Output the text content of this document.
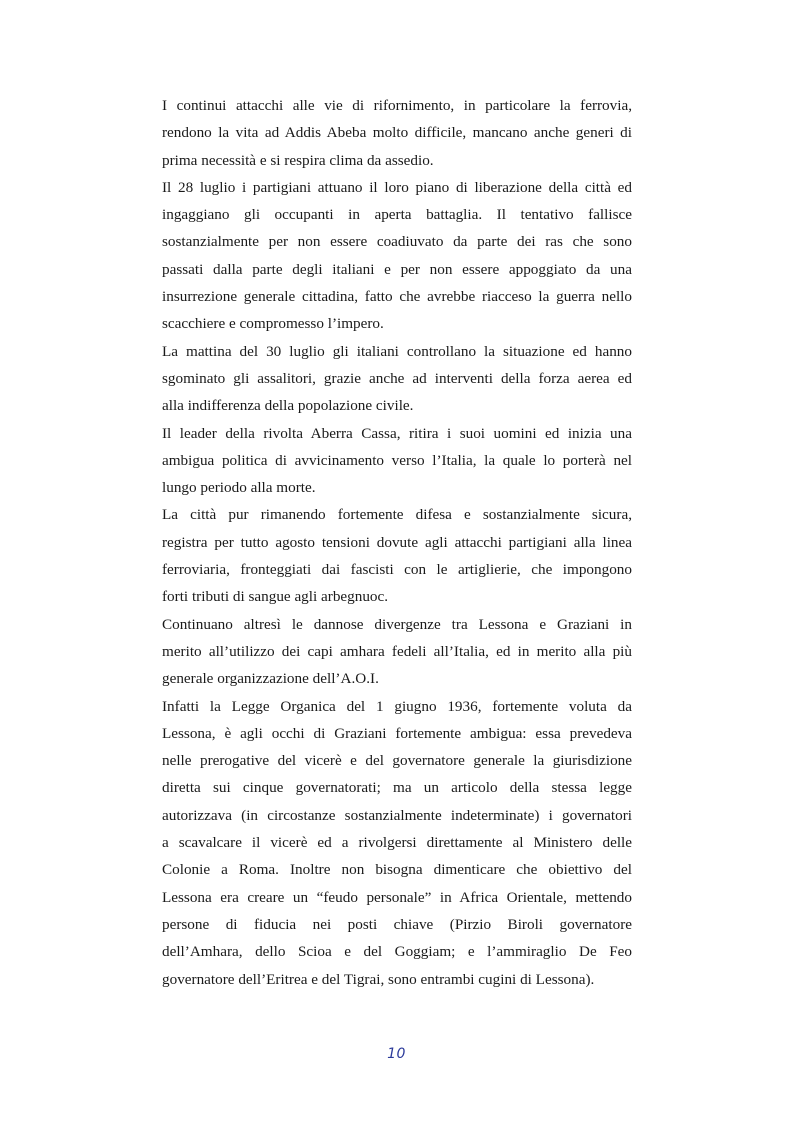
I continui attacchi alle vie di rifornimento, in particolare la ferrovia,
rendono la vita ad Addis Abeba molto difficile, mancano anche generi di
prima necessità e si respira clima da assedio.
Il 28 luglio i partigiani attuano il loro piano di liberazione della città ed
ingaggiano gli occupanti in aperta battaglia. Il tentativo fallisce
sostanzialmente per non essere coadiuvato da parte dei ras che sono
passati dalla parte degli italiani e per non essere appoggiato da una
insurrezione generale cittadina, fatto che avrebbe riacceso la guerra nello
scacchiere e compromesso l’impero.
La mattina del 30 luglio gli italiani controllano la situazione ed hanno
sgominato gli assalitori, grazie anche ad interventi della forza aerea ed
alla indifferenza della popolazione civile.
Il leader della rivolta Aberra Cassa, ritira i suoi uomini ed inizia una
ambigua politica di avvicinamento verso l’Italia, la quale lo porterà nel
lungo periodo alla morte.
La città pur rimanendo fortemente difesa e sostanzialmente sicura,
registra per tutto agosto tensioni dovute agli attacchi partigiani alla linea
ferroviaria, fronteggiati dai fascisti con le artiglierie, che impongono
forti tributi di sangue agli arbegnuoc.
Continuano altresì le dannose divergenze tra Lessona e Graziani in
merito all’utilizzo dei capi amhara fedeli all’Italia, ed in merito alla più
generale organizzazione dell’A.O.I.
Infatti la Legge Organica del 1 giugno 1936, fortemente voluta da
Lessona, è agli occhi di Graziani fortemente ambigua: essa prevedeva
nelle prerogative del vicerè e del governatore generale la giurisdizione
diretta sui cinque governatorati; ma un articolo della stessa legge
autorizzava (in circostanze sostanzialmente indeterminate) i governatori
a scavalcare il vicerè ed a rivolgersi direttamente al Ministero delle
Colonie a Roma. Inoltre non bisogna dimenticare che obiettivo del
Lessona era creare un “feudo personale” in Africa Orientale, mettendo
persone di fiducia nei posti chiave (Pirzio Biroli governatore
dell’Amhara, dello Scioa e del Goggiam; e l’ammiraglio De Feo
governatore dell’Eritrea e del Tigrai, sono entrambi cugini di Lessona).
10
